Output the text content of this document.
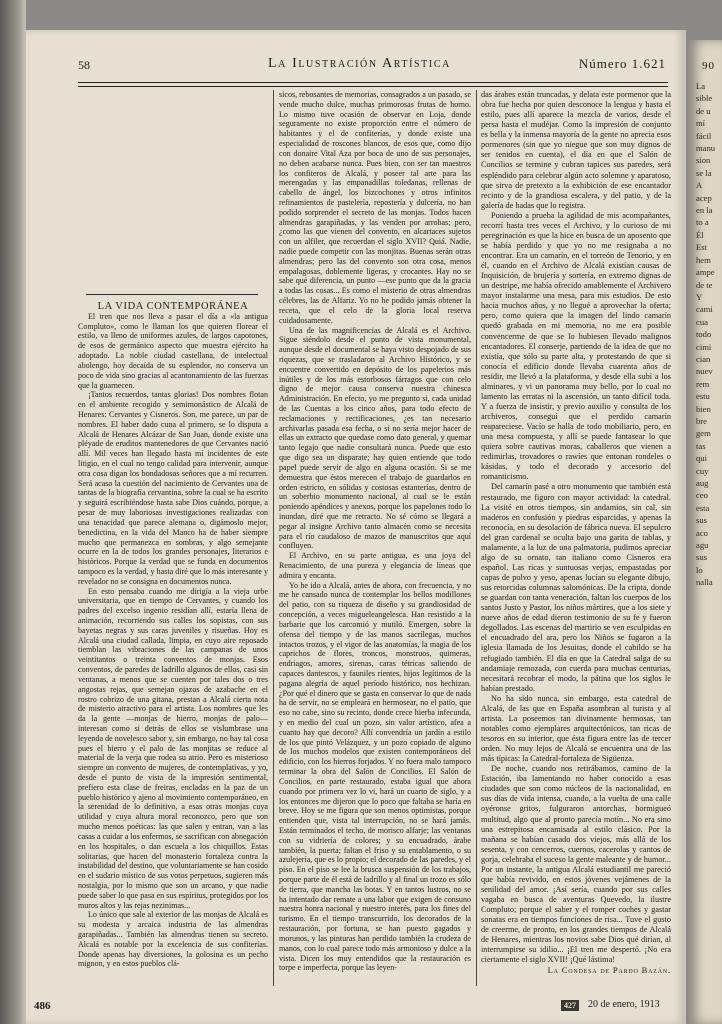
90
La
sible
de u
mí
fácil
manu
sion
se la
A
acep
en la
to a
Él
Est
hem
ampe
de te
Y
cami
cua
todo
cimi
cian
nuev
rem
estu
bien
bre
gem
tas
qui
cuy
aug
ceo
esta
sus
aco
agu
sus
lo
nalla
58	La Ilustración Artística	Número 1.621

LA VIDA CONTEMPORÁNEA

El tren que nos lleva a pasar el día a «la antigua Compluto», como le llaman los que quieren florear el estilo, va lleno de uniformes azules, de largos capotones, de esos de germánico aspecto que muestra ejército ha adoptado. La noble ciudad castellana, de intelectual abolengo, hoy decaída de su esplendor, no conserva un poco de vida sino gracias al acantonamiento de las fuerzas que la guarnecen.

¡Tantos recuerdos, tantas glorias! Dos nombres flotan en el ambiente recogido y semimonástico de Alcalá de Henares: Cervantes y Cisneros. Son, me parece, un par de nombres. El haber dado cuna al primero, se lo disputa a Alcalá de Henares Alcázar de San Juan, donde existe una pléyade de eruditos mantenedores de que Cervantes nació allí. Mil veces han llegado hasta mí incidentes de este litigio, en el cual no tengo calidad para intervenir, aunque otra cosa digan los bondadosos señores que a mí recurren. Será acaso la cuestión del nacimiento de Cervantes una de tantas de la biografía cervantina, sobre la cual se ha escrito y seguirá escribiéndose hasta sabe Dios cuándo, porque, a pesar de muy laboriosas investigaciones realizadas con una tenacidad que parece alemana o, digámoslo mejor, benedictina, en la vida del Manco ha de haber siempre mucho que permanezca en sombras, y algo semejante ocurre en la de todos los grandes personajes, literarios e históricos. Porque la verdad que se funda en documentos tampoco es la verdad, y hasta diré que lo más interesante y revelador no se consigna en documentos nunca.

En esto pensaba cuando me dirigía a la vieja urbe universitaria, que en tiempo de Cervantes, y cuando los padres del excelso ingenio residían allí, estaría llena de animación, recorriendo sus calles los sopistas, con sus bayetas negras y sus caras juveniles y risueñas. Hoy es Alcalá una ciudad callada, limpia, en cuyo aire reposado tiemblan las vibraciones de las campanas de unos veintitantos o treinta conventos de monjas. Esos conventos, de paredes de ladrillo algunos de ellos, casi sin ventanas, a menos que se cuenten por tales dos o tres angostas rejas, que semejan ojazos de azabache en el rostro cobrizo de una gitana, prestan a Alcalá cierta nota de misterio atractivo para el artista. Los nombres que les da la gente —monjas de hierro, monjas de palo— interesan como si detrás de ellos se vislumbrase una leyenda de novelesco sabor y, sin embargo, no hay tal cosa pues el hierro y el palo de las monjitas se reduce al material de la verja que rodea su atrio. Pero es misterioso siempre un convento de mujeres, de contemplativas, y yo, desde el punto de vista de la impresión sentimental, prefiero esta clase de freiras, encladas en la paz de un pueblo histórico y ajeno al movimiento contemporáneo, en la serenidad de lo definitivo, a esas otras monjas cuya utilidad y cuya altura moral reconozco, pero que son mucho menos poéticas: las que salen y entran, van a las casas a cuidar a los enfermos, se sacrifican con abnegación en los hospitales, o dan escuela a los chiquillos. Estas solitarias, que hacen del monasterio fortaleza contra la instabilidad del destino, que voluntariamente se han cosido en el sudario místico de sus votos perpetuos, sugieren más nostalgia, por lo mismo que son un arcano, y que nadie puede saber lo que pasa en sus espíritus, protegidos por los muros altos y las rejas nezinimas...

Lo único que sale al exterior de las monjas de Alcalá es su modesta y arcaica industria de las almendras garapiñadas... También las almendras tienen su secreto. Alcalá es notable por la excelencia de sus confiterías. Donde apenas hay diversiones, la golosina es un pecho mignon, y en estos pueblos clá-

sicos, rebosantes de memorias, consagrados a un pasado, se vende mucho dulce, muchas primorosas frutas de horno. Lo mismo tuve ocasión de observar en Loja, donde seguramente no existe proporción entre el número de habitantes y el de confiterías, y donde existe una especialidad de roscones blancos, de esos que, como dijo con donaire Vital Aza por boca de uno de sus personajes, no deben acabarse nunca. Pues bien, con ser tan maestros los confiteros de Alcalá, y poseer tal arte para las merengadas y las empanadillas toledanas, rellenas de cabello de ángel, los bizcochones y otros infinitos refinamientos de pastelería, repostería y dulcería, no han podido sorprender el secreto de las monjas. Todos hacen almendras garapiñadas, y las venden por arrobas; pero, ¿como las que vienen del convento, en alcartaces sujetos con un alfiler, que recuerdan el siglo XVII? Quiá. Nadie, nadie puede competir con las monjitas. Buenas serán otras almendras; pero las del convento son otra cosa, menos empalagosas, doblemente ligeras, y crocantes. Hay no se sabe qué diferencia, un punto —ese punto que da la gracia a todas las cosas... Es como el misterio de otras almendras célebres, las de Alfariz. Yo no he podido jamás obtener la receta, que el celo de la gloria local reserva cuidadosamente.

Una de las magnificencias de Alcalá es el Archivo. Sigue siéndolo desde el punto de vista monumental, aunque desde el documental se haya visto despojado de sus riquezas, que se trasladaron al Archivo Histórico, y se encuentre convertido en depósito de los papelerios más inútiles y de los más estorbosos fárragos que con celo digno de mejor causa conserva nuestra chinesca Administración. En efecto, yo me pregunto si, cada unidad de las Cuentas a los cinco años, para todo efecto de reclamaciones y rectificaciones, ¿es tan necesario archivarlas pasada esa fecha, o si no sería mejor hacer de ellas un extracto que quedase como dato general, y quemar tanto legajo que nadie consultará nunca. Puede que esto que digo sea un disparate; hay quien entiende que todo papel puede servir de algo en alguna ocasión. Si se me demuestra que éstos merecen el trabajo de guardarlos en orden estricto, en sólidas y costosas estanterías, dentro de un soberbio monumento nacional, al cual se le están poniendo apéndices y anexos, porque los papelones todo lo inundan, diré que me retracto. No sé cómo se llegará a pegar al insigne Archivo tanto almacén como se necesita para el río caudaloso de mazos de manuscritos que aquí confluyen.

El Archivo, en su parte antigua, es una joya del Renacimiento, de una pureza y elegancia de líneas que admira y encanta.

Yo he ido a Alcalá, antes de ahora, con frecuencia, y no me he cansado nunca de contemplar los bellos modillones del patio, con su riqueza de diseño y su grandiosidad de concepción, a veces migueleangelesca. Han resistido a la barbarie que los carcomió y mutiló. Emergen, sobre la ofensa del tiempo y de las manos sacrílegas, muchos intactos trozos, y el vigor de las anatomías, la magia de los caprichos de flores, troncos, monstruos, quimeras, endriagos, amores, sirenas, caras tétricas saliendo de capaces dantescos, y fauniles rientes, hijos legítimos de la pagana alegría de aquel período histórico, nos hechizan. ¿Por qué el dinero que se gasta en conservar lo que de nada ha de servir, no se empleará en hermosear, no el patio, que eso no cabe, sino su recinto, donde crece hierba infecunda, y en medio del cual un pozo, sin valor artístico, afea a cuanto hay que decoro? Allí convendría un jardín a estilo de los que pintó Velázquez, y un pozo copiado de alguno de los muchos modelos que existen contemporáneos del edificio, con los hierros forjados. Y no fuera malo tampoco terminar la obra del Salón de Concilios. El Salón de Concilios, en parte restaurado, estaba igual que ahora cuando por primera vez lo vi, hará un cuarto de siglo, y a los entonces me dijeron que lo poco que faltaba se haría en breve. Hoy se me figura que son menos optimistas, porque entienden que, vista tal interrupción, no se hará jamás. Están terminados el techo, de morisco alfarje; las ventanas con su vidriería de colores; y su encuadrado, árabe también, la puerta; faltan el friso y su entablamento, o su azulejería, que es lo propio; el decorado de las paredes, y el piso. En el piso se lee la brusca suspensión de los trabajos, porque parte de él está de ladrillo y al final un trozo es sólo de tierra, que mancha las botas. Y en tantos lustros, no se ha intentado dar remate a una labor que exigen de consuno nuestra honra nacional y nuestro interés, para los fines del turismo. En el tiempo transcurrido, los decorados de la restauración, por fortuna, se han puesto gagados y morunos, y las pinturas han perdido también la crudeza de manos, con lo cual parece todo más armonioso y dulce a la vista. Dicen los muy entendidos que la restauración es torpe e imperfecta, porque las leyen-

das árabes están truncadas, y delata este pormenor que la obra fue hecha por quien desconoce la lengua y hasta el estilo, pues allí aparece la mezcla de varios, desde el persa hasta el mudéjar. Como la impresión de conjunto es bella y la inmensa mayoría de la gente no aprecia esos pormenores (sin que yo niegue que son muy dignos de ser tenidos en cuenta), el día en que el Salón de Concilios se termine y cubran tapices sus paredes, será espléndido para celebrar algún acto solemne y aparatoso, que sirva de pretexto a la exhibición de ese encantador recinto y de la grandiosa escalera, y del patio, y de la galería de hadas que lo registra.

Poniendo a prueba la agilidad de mis acompañantes, recorrí hasta tres veces el Archivo, y lo curioso de mi peregrinación es que la hice en busca de un aposento que se había perdido y que yo no me resignaba a no encontrar. Era un camarín, en el torreón de Tenorio, y en él, cuando en el Archivo de Alcalá existían causas de Inquisición, de brujería y sortería, en extremo dignas de un destripe, me había ofrecido amablemente el Archivero mayor instalarme una mesa, para mis estudios. De esto hacía muchos años, y no llegué a aprovechar la oferta; pero, como quiera que la imagen del lindo camarín quedó grabada en mi memoria, no me era posible convencerme de que se lo hubiesen llevado malignos encantadores. El conserje, partiendo de la idea de que no existía, que sólo su parte alta, y protestando de que si conocía el edificio donde llevaba cuarenta años de residir, me llevó a la plataforma, y desde ella subí a los alminares, y vi un panorama muy bello, por lo cual no lamento las erratas ni la ascensión, un tanto difícil toda. Y a fuerza de insistir, y previo auxilio y consulta de los archiveros, conseguí que el perdido camarín reapareciese. Vacío se halla de todo mobiliario, pero, en una mesa compuesta, y allí se puede fantasear lo que quiera sobre cautivas moras, caballeros que vienen a redimirlas, trovadores o rawíes que entonan rondeles o kásidas, y todo el decorado y accesorio del romanticismo.

Del camarín pasé a otro monumento que también está restaurado, me figuro con mayor actividad: la catedral. La visité en otros tiempos, sin andamios, sin cal, sin maderos en confusión y piedras esparcidas, y apenas la reconocía, en su desolación de fábrica nueva. El sepulcro del gran cardenal se oculta bajo una garita de tablas, y malamente, a la luz de una palmatoria, pudimos apreciar algo de su ornato, tan italiano como Cisneros era español. Las ricas y suntuosas verjas, empastadas por capas de polvo y yeso, apenas lucían su elegante dibujo, sus retorcidas columnas salomónicas. De la cripta, donde se guardan con tanta veneración, faltan los cuerpos de los santos Justo y Pastor, los niños mártires, que a los siete y nueve años de edad dieron testimonio de su fe y fueron degollados. Las escenas del martirio se ven esculpidas en el encuadrado del ara, pero los Niños se fugaron a la iglesia llamada de los Jesuitas, donde el cabildo se ha refugiado también. El día en que la Catedral salga de su andamiaje remozada, con cuerda para muchas centurias, necesitará recobrar el modo, la pátina que los siglos le habían prestado.

No ha sido nunca, sin embargo, esta catedral de Alcalá, de las que en España asombran al turista y al artista. La poseemos tan divinamente hermosas, tan notables como ejemplares arquitectónicos, tan ricas de tesoros en su interior, que ésta figura entre las de tercer orden. No muy lejos de Alcalá se encuentra una de las más típicas: la Catedral-fortaleza de Sigüenza.

De noche, cuando nos retirábamos, camino de la Estación, iba lamentando no haber conocido a esas ciudades que son como núcleos de la nacionalidad, en sus días de vida intensa, cuando, a la vuelta de una calle oyéronse gritos, fulguraron antorchas, hormigueó multitud, algo que al pronto parecía motín... No era sino una estrepitosa encamisada al estilo clásico. Por la mañana se habían casado dos viejos, más allá de los sesenta, y con cencerros, cuernos, cacerolas y cantos de gorja, celebraba el suceso la gente maleante y de humor... Por un instante, la antigua Alcalá estudiantil me pareció que había revivido, en estos jóvenes vejámenes de la senilidad del amor. ¡Así sería, cuando por sus calles vagaba en busca de aventuras Quevedo, la ilustre Compluto; porque el saber y el romper coches y gastar sonatas era en tiempos funciones de risa... Tuve el gusto de creerme, de pronto, en los grandes tiempos de Alcalá de Henares, mientras los novios sabe Dios qué dirían, al interrumpirse su idilio... ¡El tren me despertó. ¡No era ciertamente el siglo XVII! ¡Qué lástima!

La Condesa de Pardo Bazán.

486	427	20 de enero, 1913
